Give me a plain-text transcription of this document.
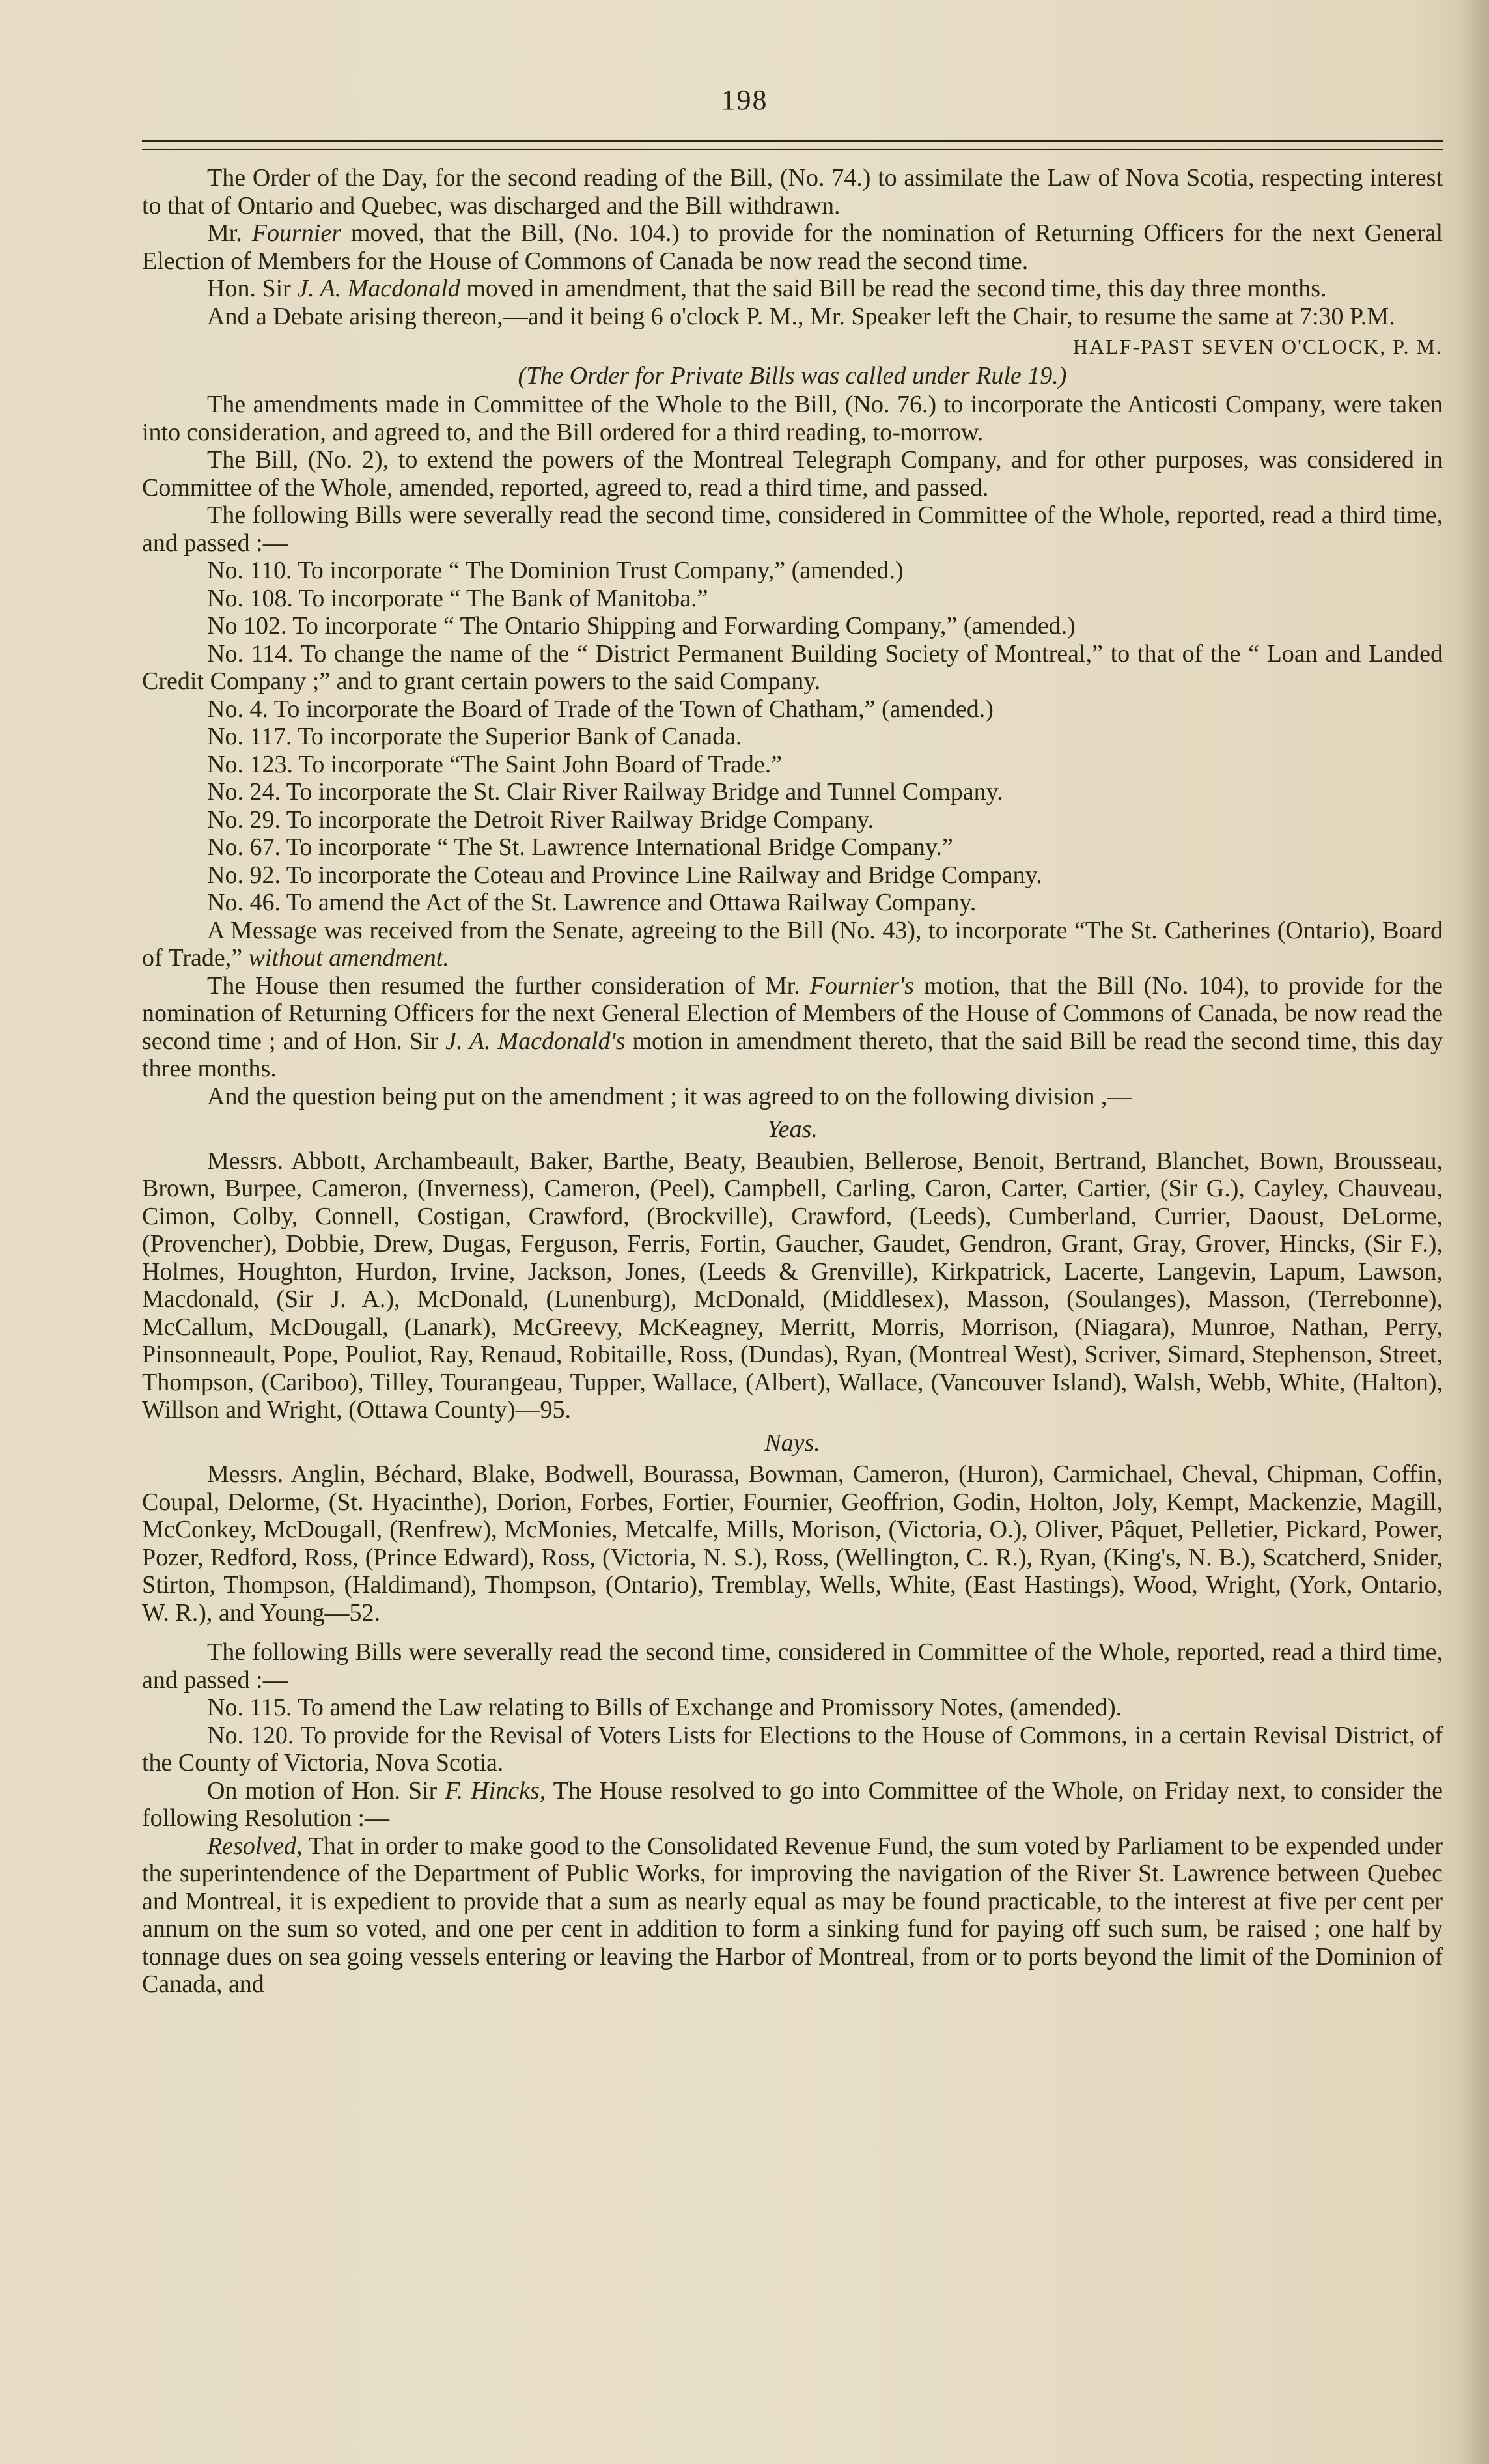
198

The Order of the Day, for the second reading of the Bill, (No. 74.) to assimilate the Law of Nova Scotia, respecting interest to that of Ontario and Quebec, was discharged and the Bill withdrawn.

Mr. Fournier moved, that the Bill, (No. 104.) to provide for the nomination of Returning Officers for the next General Election of Members for the House of Commons of Canada be now read the second time.

Hon. Sir J. A. Macdonald moved in amendment, that the said Bill be read the second time, this day three months.

And a Debate arising thereon,—and it being 6 o'clock P. M., Mr. Speaker left the Chair, to resume the same at 7:30 P.M.

HALF-PAST SEVEN O'CLOCK, P. M.

(The Order for Private Bills was called under Rule 19.)

The amendments made in Committee of the Whole to the Bill, (No. 76.) to incorporate the Anticosti Company, were taken into consideration, and agreed to, and the Bill ordered for a third reading, to-morrow.

The Bill, (No. 2), to extend the powers of the Montreal Telegraph Company, and for other purposes, was considered in Committee of the Whole, amended, reported, agreed to, read a third time, and passed.

The following Bills were severally read the second time, considered in Committee of the Whole, reported, read a third time, and passed :—

No. 110. To incorporate “ The Dominion Trust Company,” (amended.)

No. 108. To incorporate “ The Bank of Manitoba.”

No 102. To incorporate “ The Ontario Shipping and Forwarding Company,” (amended.)

No. 114. To change the name of the “ District Permanent Building Society of Montreal,” to that of the “ Loan and Landed Credit Company ;” and to grant certain powers to the said Company.

No. 4. To incorporate the Board of Trade of the Town of Chatham,” (amended.)

No. 117. To incorporate the Superior Bank of Canada.

No. 123. To incorporate “The Saint John Board of Trade.”

No. 24. To incorporate the St. Clair River Railway Bridge and Tunnel Company.

No. 29. To incorporate the Detroit River Railway Bridge Company.

No. 67. To incorporate “ The St. Lawrence International Bridge Company.”

No. 92. To incorporate the Coteau and Province Line Railway and Bridge Company.

No. 46. To amend the Act of the St. Lawrence and Ottawa Railway Company.

A Message was received from the Senate, agreeing to the Bill (No. 43), to incorporate “The St. Catherines (Ontario), Board of Trade,” without amendment.

The House then resumed the further consideration of Mr. Fournier's motion, that the Bill (No. 104), to provide for the nomination of Returning Officers for the next General Election of Members of the House of Commons of Canada, be now read the second time ; and of Hon. Sir J. A. Macdonald's motion in amendment thereto, that the said Bill be read the second time, this day three months.

And the question being put on the amendment ; it was agreed to on the following division ,—

Yeas.

Messrs. Abbott, Archambeault, Baker, Barthe, Beaty, Beaubien, Bellerose, Benoit, Bertrand, Blanchet, Bown, Brousseau, Brown, Burpee, Cameron, (Inverness), Cameron, (Peel), Campbell, Carling, Caron, Carter, Cartier, (Sir G.), Cayley, Chauveau, Cimon, Colby, Connell, Costigan, Crawford, (Brockville), Crawford, (Leeds), Cumberland, Currier, Daoust, DeLorme, (Provencher), Dobbie, Drew, Dugas, Ferguson, Ferris, Fortin, Gaucher, Gaudet, Gendron, Grant, Gray, Grover, Hincks, (Sir F.), Holmes, Houghton, Hurdon, Irvine, Jackson, Jones, (Leeds & Grenville), Kirkpatrick, Lacerte, Langevin, Lapum, Lawson, Macdonald, (Sir J. A.), McDonald, (Lunenburg), McDonald, (Middlesex), Masson, (Soulanges), Masson, (Terrebonne), McCallum, McDougall, (Lanark), McGreevy, McKeagney, Merritt, Morris, Morrison, (Niagara), Munroe, Nathan, Perry, Pinsonneault, Pope, Pouliot, Ray, Renaud, Robitaille, Ross, (Dundas), Ryan, (Montreal West), Scriver, Simard, Stephenson, Street, Thompson, (Cariboo), Tilley, Tourangeau, Tupper, Wallace, (Albert), Wallace, (Vancouver Island), Walsh, Webb, White, (Halton), Willson and Wright, (Ottawa County)—95.

Nays.

Messrs. Anglin, Béchard, Blake, Bodwell, Bourassa, Bowman, Cameron, (Huron), Carmichael, Cheval, Chipman, Coffin, Coupal, Delorme, (St. Hyacinthe), Dorion, Forbes, Fortier, Fournier, Geoffrion, Godin, Holton, Joly, Kempt, Mackenzie, Magill, McConkey, McDougall, (Renfrew), McMonies, Metcalfe, Mills, Morison, (Victoria, O.), Oliver, Pâquet, Pelletier, Pickard, Power, Pozer, Redford, Ross, (Prince Edward), Ross, (Victoria, N. S.), Ross, (Wellington, C. R.), Ryan, (King's, N. B.), Scatcherd, Snider, Stirton, Thompson, (Haldimand), Thompson, (Ontario), Tremblay, Wells, White, (East Hastings), Wood, Wright, (York, Ontario, W. R.), and Young—52.

The following Bills were severally read the second time, considered in Committee of the Whole, reported, read a third time, and passed :—

No. 115. To amend the Law relating to Bills of Exchange and Promissory Notes, (amended).

No. 120. To provide for the Revisal of Voters Lists for Elections to the House of Commons, in a certain Revisal District, of the County of Victoria, Nova Scotia.

On motion of Hon. Sir F. Hincks, The House resolved to go into Committee of the Whole, on Friday next, to consider the following Resolution :—

Resolved, That in order to make good to the Consolidated Revenue Fund, the sum voted by Parliament to be expended under the superintendence of the Department of Public Works, for improving the navigation of the River St. Lawrence between Quebec and Montreal, it is expedient to provide that a sum as nearly equal as may be found practicable, to the interest at five per cent per annum on the sum so voted, and one per cent in addition to form a sinking fund for paying off such sum, be raised ; one half by tonnage dues on sea going vessels entering or leaving the Harbor of Montreal, from or to ports beyond the limit of the Dominion of Canada, and
